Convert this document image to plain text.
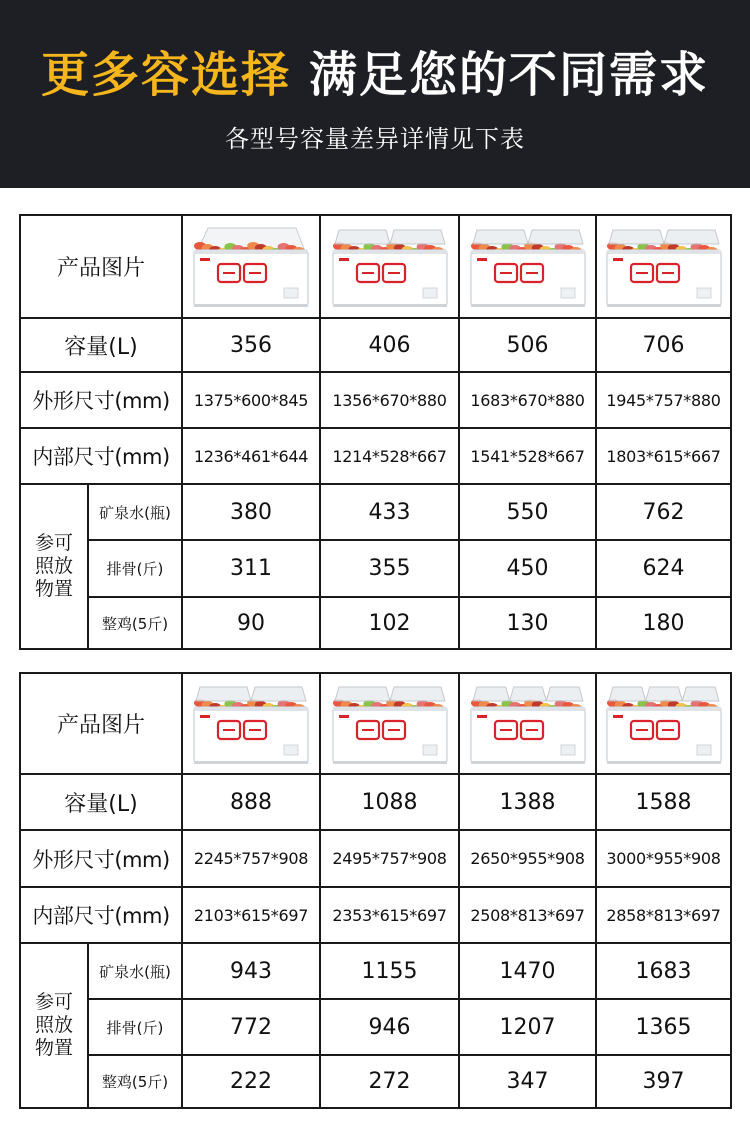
更多容选择 满足您的不同需求
各型号容量差异详情见下表
产品图片	

容量(L)		356	406	506	706
外形尺寸(mm)		1375*600*845	1356*670*880	1683*670*880	1945*757*880
内部尺寸(mm)		1236*461*644	1214*528*667	1541*528*667	1803*615*667

参可
照放
物置	矿泉水(瓶)	380	433	550	762
	排骨(斤)	311	355	450	624
	整鸡(5斤)	90	102	130	180
产品图片	

容量(L)		888	1088	1388	1588
外形尺寸(mm)		2245*757*908	2495*757*908	2650*955*908	3000*955*908
内部尺寸(mm)		2103*615*697	2353*615*697	2508*813*697	2858*813*697

参可
照放
物置	矿泉水(瓶)	943	1155	1470	1683
	排骨(斤)	772	946	1207	1365
	整鸡(5斤)	222	272	347	397
